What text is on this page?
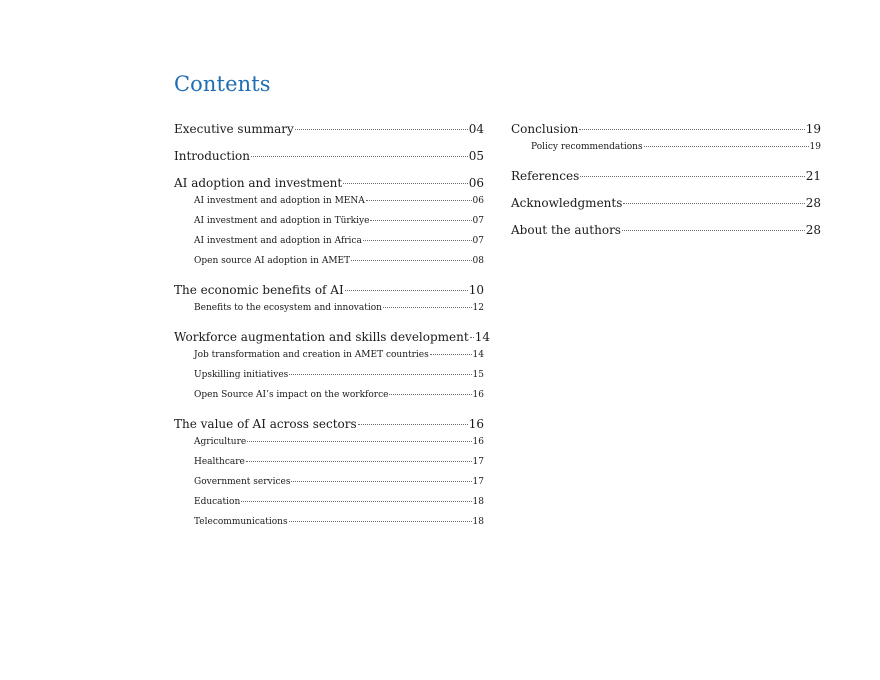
Contents
Executive summary	04
Introduction	05
AI adoption and investment	06
AI investment and adoption in MENA	06
AI investment and adoption in Türkiye	07
AI investment and adoption in Africa	07
Open source AI adoption in AMET	08
The economic benefits of AI	10
Benefits to the ecosystem and innovation	12
Workforce augmentation and skills development 14
Job transformation and creation in AMET countries	14
Upskilling initiatives	15
Open Source AI’s impact on the workforce	16
The value of AI across sectors	16
Agriculture	16
Healthcare	17
Government services	17
Education	18
Telecommunications	18
Conclusion	19
Policy recommendations	19
References	21
Acknowledgments	28
About the authors	28
